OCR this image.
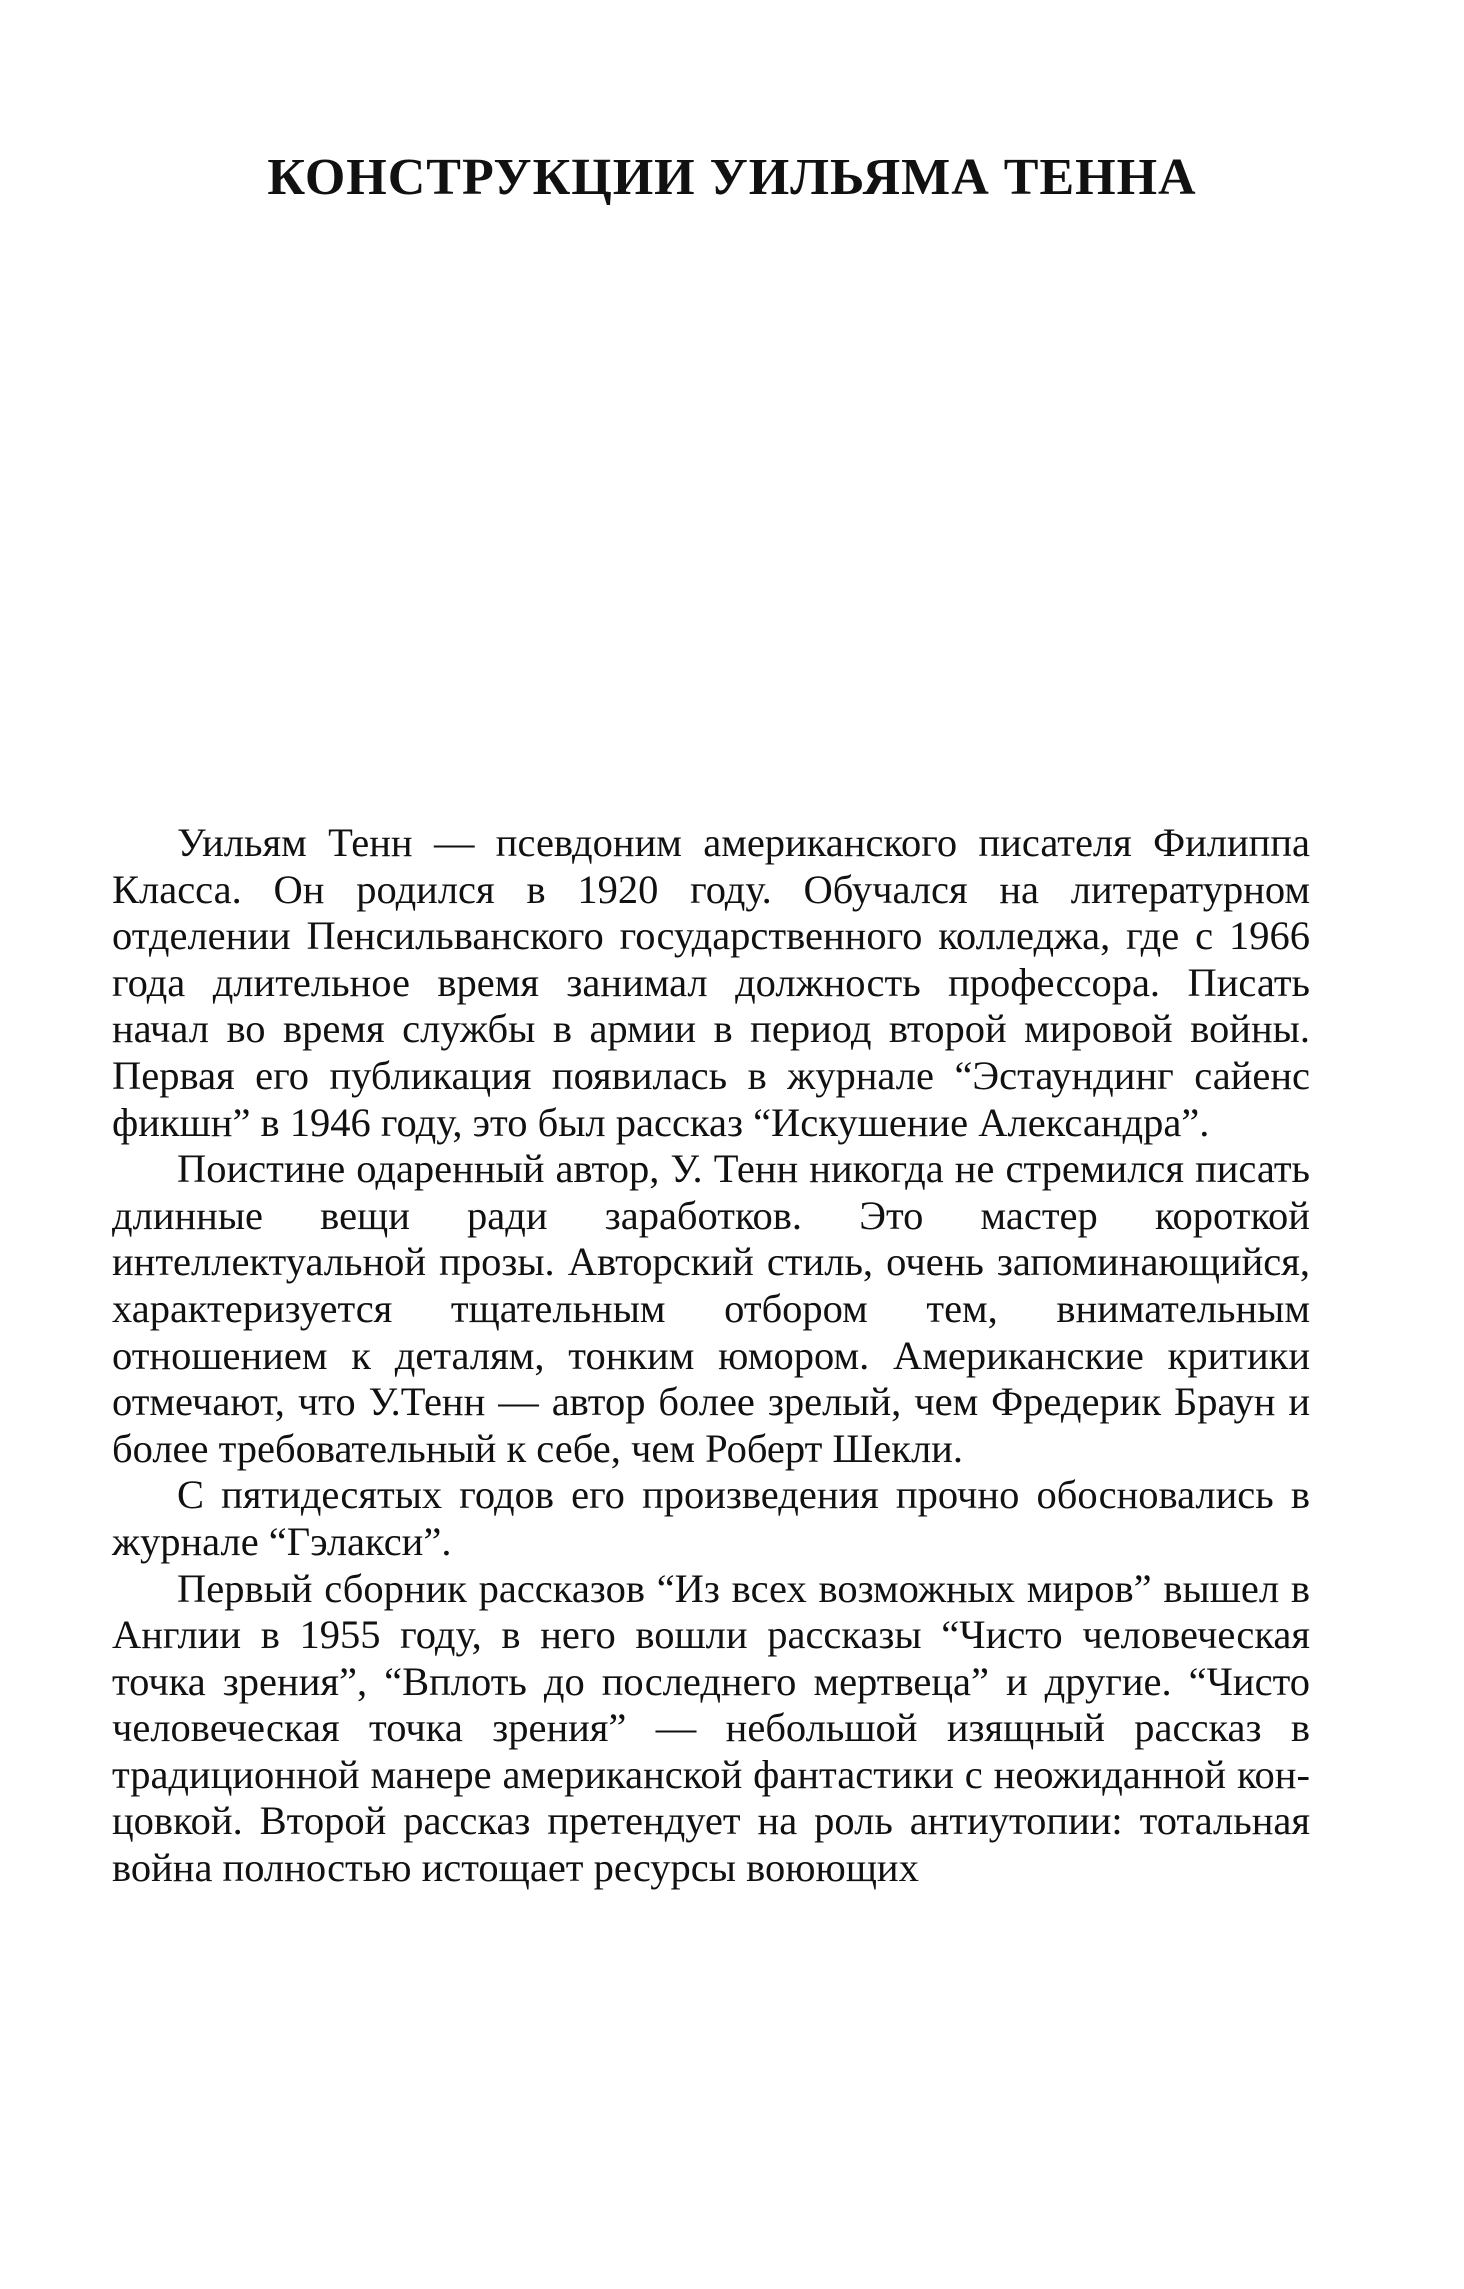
КОНСТРУКЦИИ УИЛЬЯМА ТЕННА

Уильям Тенн — псевдоним американского писателя Филиппа Класса. Он родился в 1920 году. Обучался на литературном отделении Пенсильванского государственного колледжа, где с 1966 года длительное время занимал должность профессора. Писать начал во время службы в армии в период второй мировой войны. Первая его публикация появилась в журнале “Эстаундинг сайенс фикшн” в 1946 году, это был рассказ “Искушение Александра”.

Поистине одаренный автор, У. Тенн никогда не стремился писать длинные вещи ради заработков. Это мастер короткой интеллектуальной прозы. Авторский стиль, очень запоминающийся, характеризуется тщательным отбором тем, внимательным отношением к деталям, тонким юмором. Американские критики отмечают, что У.Тенн — автор более зрелый, чем Фредерик Браун и более требовательный к себе, чем Роберт Шекли.

С пятидесятых годов его произведения прочно обосновались в журнале “Гэлакси”.

Первый сборник рассказов “Из всех возможных миров” вышел в Англии в 1955 году, в него вошли рассказы “Чисто человеческая точка зрения”, “Вплоть до последнего мертвеца” и другие. “Чисто человеческая точка зрения” — небольшой изящный рассказ в традиционной манере американской фантастики с неожиданной концовкой. Второй рассказ претендует на роль антиутопии: тотальная война полностью истощает ресурсы воюющих
